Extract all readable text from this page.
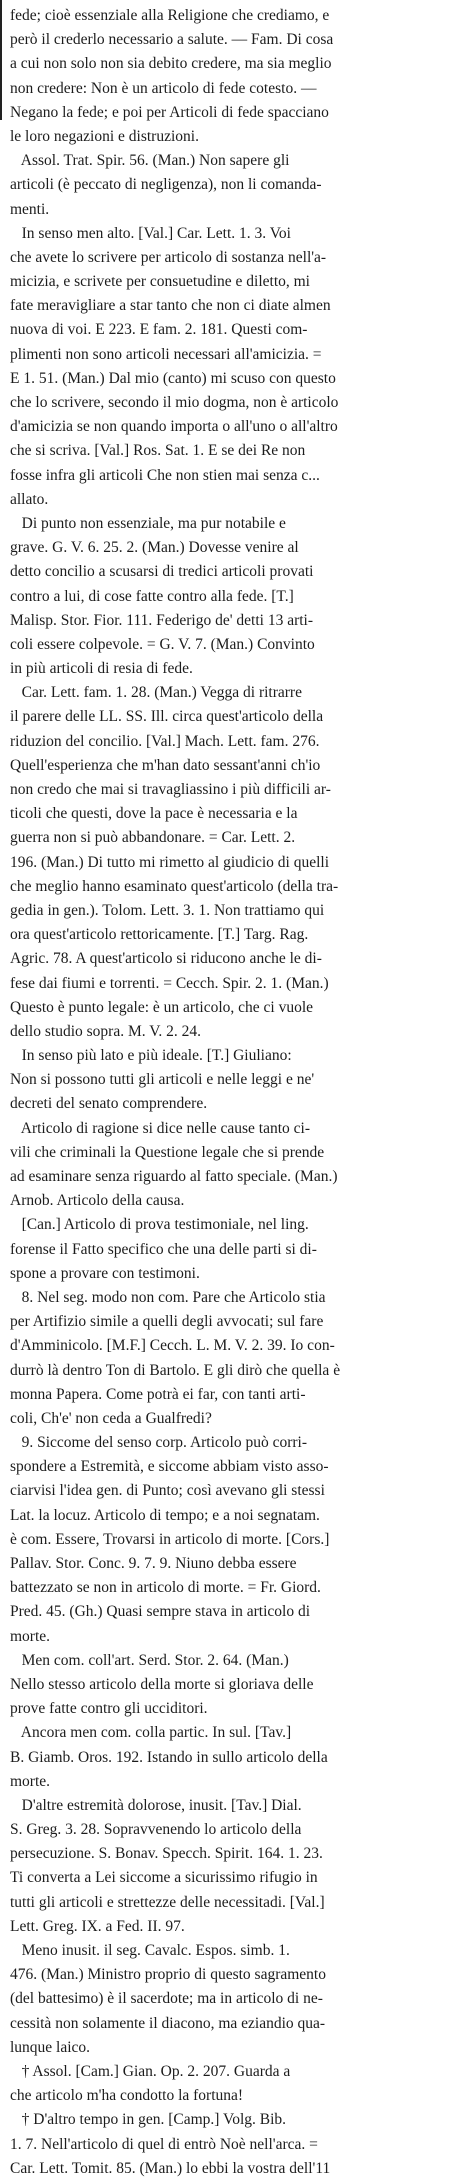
fede; cioè essenziale alla Religione che crediamo, e
però il crederlo necessario a salute. — Fam. Di cosa
a cui non solo non sia debito credere, ma sia meglio
non credere: Non è un articolo di fede cotesto. —
Negano la fede; e poi per Articoli di fede spacciano
le loro negazioni e distruzioni.
Assol. Trat. Spir. 56. (Man.) Non sapere gli
articoli (è peccato di negligenza), non li comanda-
menti.
In senso men alto. [Val.] Car. Lett. 1. 3. Voi
che avete lo scrivere per articolo di sostanza nell'a-
micizia, e scrivete per consuetudine e diletto, mi
fate meravigliare a star tanto che non ci diate almen
nuova di voi. E 223. E fam. 2. 181. Questi com-
plimenti non sono articoli necessari all'amicizia. =
E 1. 51. (Man.) Dal mio (canto) mi scuso con questo
che lo scrivere, secondo il mio dogma, non è articolo
d'amicizia se non quando importa o all'uno o all'altro
che si scriva. [Val.] Ros. Sat. 1. E se dei Re non
fosse infra gli articoli Che non stien mai senza c...
allato.
Di punto non essenziale, ma pur notabile e
grave. G. V. 6. 25. 2. (Man.) Dovesse venire al
detto concilio a scusarsi di tredici articoli provati
contro a lui, di cose fatte contro alla fede. [T.]
Malisp. Stor. Fior. 111. Federigo de' detti 13 arti-
coli essere colpevole. = G. V. 7. (Man.) Convinto
in più articoli di resia di fede.
Car. Lett. fam. 1. 28. (Man.) Vegga di ritrarre
il parere delle LL. SS. Ill. circa quest'articolo della
riduzion del concilio. [Val.] Mach. Lett. fam. 276.
Quell'esperienza che m'han dato sessant'anni ch'io
non credo che mai si travagliassino i più difficili ar-
ticoli che questi, dove la pace è necessaria e la
guerra non si può abbandonare. = Car. Lett. 2.
196. (Man.) Di tutto mi rimetto al giudicio di quelli
che meglio hanno esaminato quest'articolo (della tra-
gedia in gen.). Tolom. Lett. 3. 1. Non trattiamo qui
ora quest'articolo rettoricamente. [T.] Targ. Rag.
Agric. 78. A quest'articolo si riducono anche le di-
fese dai fiumi e torrenti. = Cecch. Spir. 2. 1. (Man.)
Questo è punto legale: è un articolo, che ci vuole
dello studio sopra. M. V. 2. 24.
In senso più lato e più ideale. [T.] Giuliano:
Non si possono tutti gli articoli e nelle leggi e ne'
decreti del senato comprendere.
Articolo di ragione si dice nelle cause tanto ci-
vili che criminali la Questione legale che si prende
ad esaminare senza riguardo al fatto speciale. (Man.)
Arnob. Articolo della causa.
[Can.] Articolo di prova testimoniale, nel ling.
forense il Fatto specifico che una delle parti si di-
spone a provare con testimoni.
8. Nel seg. modo non com. Pare che Articolo stia
per Artifizio simile a quelli degli avvocati; sul fare
d'Amminicolo. [M.F.] Cecch. L. M. V. 2. 39. Io con-
durrò là dentro Ton di Bartolo. E gli dirò che quella è
monna Papera. Come potrà ei far, con tanti arti-
coli, Ch'e' non ceda a Gualfredi?
9. Siccome del senso corp. Articolo può corri-
spondere a Estremità, e siccome abbiam visto asso-
ciarvisi l'idea gen. di Punto; così avevano gli stessi
Lat. la locuz. Articolo di tempo; e a noi segnatam.
è com. Essere, Trovarsi in articolo di morte. [Cors.]
Pallav. Stor. Conc. 9. 7. 9. Niuno debba essere
battezzato se non in articolo di morte. = Fr. Giord.
Pred. 45. (Gh.) Quasi sempre stava in articolo di
morte.
Men com. coll'art. Serd. Stor. 2. 64. (Man.)
Nello stesso articolo della morte si gloriava delle
prove fatte contro gli ucciditori.
Ancora men com. colla partic. In sul. [Tav.]
B. Giamb. Oros. 192. Istando in sullo articolo della
morte.
D'altre estremità dolorose, inusit. [Tav.] Dial.
S. Greg. 3. 28. Sopravvenendo lo articolo della
persecuzione. S. Bonav. Specch. Spirit. 164. 1. 23.
Ti converta a Lei siccome a sicurissimo rifugio in
tutti gli articoli e strettezze delle necessitadi. [Val.]
Lett. Greg. IX. a Fed. II. 97.
Meno inusit. il seg. Cavalc. Espos. simb. 1.
476. (Man.) Ministro proprio di questo sagramento
(del battesimo) è il sacerdote; ma in articolo di ne-
cessità non solamente il diacono, ma eziandio qua-
lunque laico.
† Assol. [Cam.] Gian. Op. 2. 207. Guarda a
che articolo m'ha condotto la fortuna!
† D'altro tempo in gen. [Camp.] Volg. Bib.
1. 7. Nell'articolo di quel di entrò Noè nell'arca. =
Car. Lett. Tomit. 85. (Man.) lo ebbi la vostra dell'11
